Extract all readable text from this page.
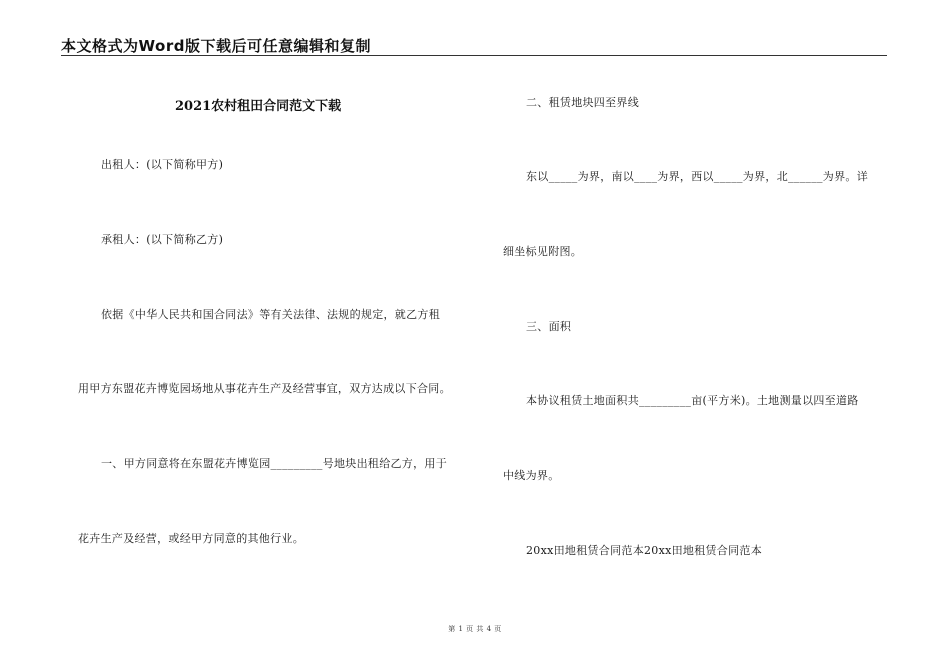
本文格式为Word版下载后可任意编辑和复制
2021农村租田合同范文下载
出租人：(以下简称甲方)
承租人：(以下简称乙方)
依据《中华人民共和国合同法》等有关法律、法规的规定，就乙方租
用甲方东盟花卉博览园场地从事花卉生产及经营事宜，双方达成以下合同。
一、甲方同意将在东盟花卉博览园_________号地块出租给乙方，用于
花卉生产及经营，或经甲方同意的其他行业。
二、租赁地块四至界线
东以_____为界，南以____为界，西以_____为界，北______为界。详
细坐标见附图。
三、面积
本协议租赁土地面积共_________亩(平方米)。土地测量以四至道路
中线为界。
20xx田地租赁合同范本20xx田地租赁合同范本
第 1 页 共 4 页
